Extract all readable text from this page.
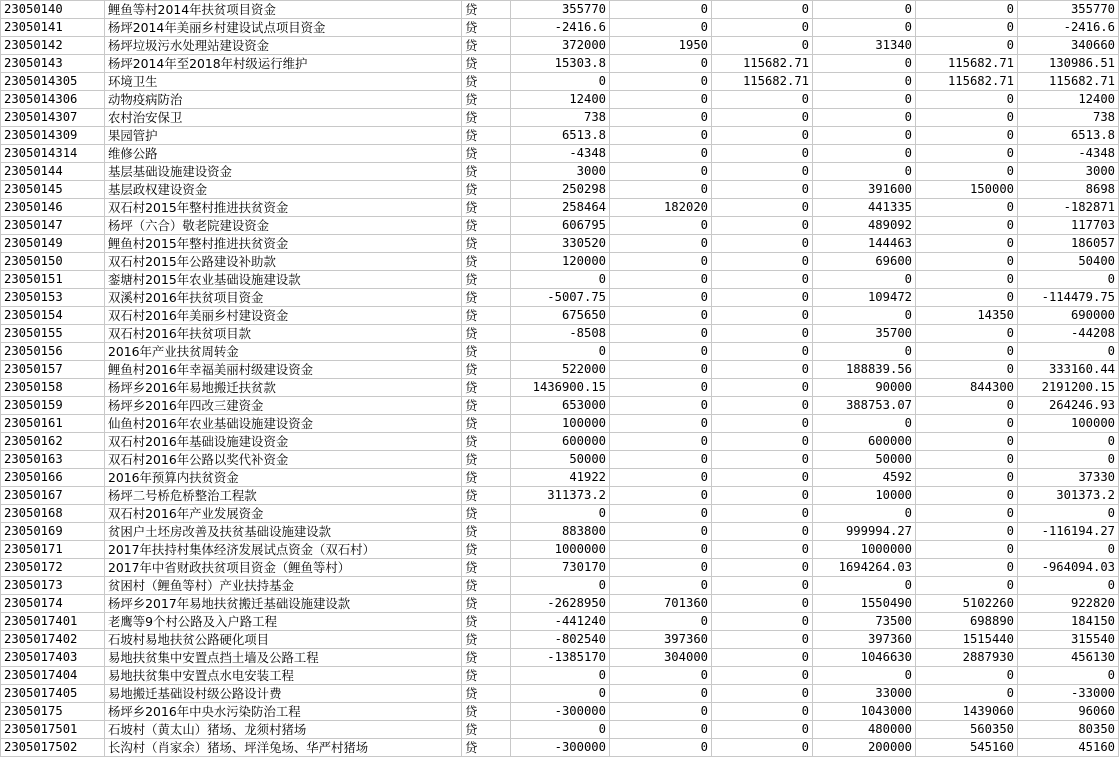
23050140	鲤鱼等村2014年扶贫项目资金	贷	355770	0	0	0	0	355770
23050141	杨坪2014年美丽乡村建设试点项目资金	贷	-2416.6	0	0	0	0	-2416.6
23050142	杨坪垃圾污水处理站建设资金	贷	372000	1950	0	31340	0	340660
23050143	杨坪2014年至2018年村级运行维护	贷	15303.8	0	115682.71	0	115682.71	130986.51
2305014305	环境卫生	贷	0	0	115682.71	0	115682.71	115682.71
2305014306	动物疫病防治	贷	12400	0	0	0	0	12400
2305014307	农村治安保卫	贷	738	0	0	0	0	738
2305014309	果园管护	贷	6513.8	0	0	0	0	6513.8
2305014314	维修公路	贷	-4348	0	0	0	0	-4348
23050144	基层基础设施建设资金	贷	3000	0	0	0	0	3000
23050145	基层政权建设资金	贷	250298	0	0	391600	150000	8698
23050146	双石村2015年整村推进扶贫资金	贷	258464	182020	0	441335	0	-182871
23050147	杨坪（六合）敬老院建设资金	贷	606795	0	0	489092	0	117703
23050149	鲤鱼村2015年整村推进扶贫资金	贷	330520	0	0	144463	0	186057
23050150	双石村2015年公路建设补助款	贷	120000	0	0	69600	0	50400
23050151	銮塘村2015年农业基础设施建设款	贷	0	0	0	0	0	0
23050153	双溪村2016年扶贫项目资金	贷	-5007.75	0	0	109472	0	-114479.75
23050154	双石村2016年美丽乡村建设资金	贷	675650	0	0	0	14350	690000
23050155	双石村2016年扶贫项目款	贷	-8508	0	0	35700	0	-44208
23050156	2016年产业扶贫周转金	贷	0	0	0	0	0	0
23050157	鲤鱼村2016年幸福美丽村级建设资金	贷	522000	0	0	188839.56	0	333160.44
23050158	杨坪乡2016年易地搬迁扶贫款	贷	1436900.15	0	0	90000	844300	2191200.15
23050159	杨坪乡2016年四改三建资金	贷	653000	0	0	388753.07	0	264246.93
23050161	仙鱼村2016年农业基础设施建设资金	贷	100000	0	0	0	0	100000
23050162	双石村2016年基础设施建设资金	贷	600000	0	0	600000	0	0
23050163	双石村2016年公路以奖代补资金	贷	50000	0	0	50000	0	0
23050166	2016年预算内扶贫资金	贷	41922	0	0	4592	0	37330
23050167	杨坪二号桥危桥整治工程款	贷	311373.2	0	0	10000	0	301373.2
23050168	双石村2016年产业发展资金	贷	0	0	0	0	0	0
23050169	贫困户土坯房改善及扶贫基础设施建设款	贷	883800	0	0	999994.27	0	-116194.27
23050171	2017年扶持村集体经济发展试点资金（双石村）	贷	1000000	0	0	1000000	0	0
23050172	2017年中省财政扶贫项目资金（鲤鱼等村）	贷	730170	0	0	1694264.03	0	-964094.03
23050173	贫困村（鲤鱼等村）产业扶持基金	贷	0	0	0	0	0	0
23050174	杨坪乡2017年易地扶贫搬迁基础设施建设款	贷	-2628950	701360	0	1550490	5102260	922820
2305017401	老鹰等9个村公路及入户路工程	贷	-441240	0	0	73500	698890	184150
2305017402	石坡村易地扶贫公路硬化项目	贷	-802540	397360	0	397360	1515440	315540
2305017403	易地扶贫集中安置点挡土墙及公路工程	贷	-1385170	304000	0	1046630	2887930	456130
2305017404	易地扶贫集中安置点水电安装工程	贷	0	0	0	0	0	0
2305017405	易地搬迁基础设村级公路设计费	贷	0	0	0	33000	0	-33000
23050175	杨坪乡2016年中央水污染防治工程	贷	-300000	0	0	1043000	1439060	96060
2305017501	石坡村（黄太山）猪场、龙须村猪场	贷	0	0	0	480000	560350	80350
2305017502	长沟村（肖家余）猪场、坪洋兔场、华严村猪场	贷	-300000	0	0	200000	545160	45160
